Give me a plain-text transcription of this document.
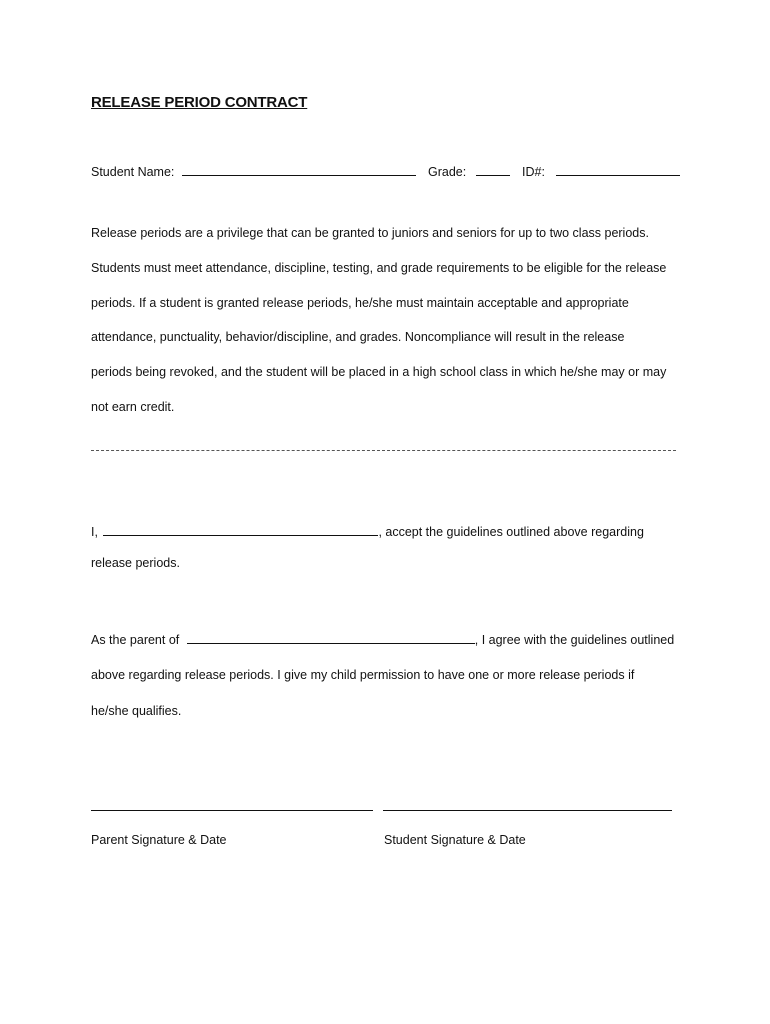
RELEASE PERIOD CONTRACT
Student Name:	Grade:	ID#:
Release periods are a privilege that can be granted to juniors and seniors for up to two class periods.
Students must meet attendance, discipline, testing, and grade requirements to be eligible for the release
periods. If a student is granted release periods, he/she must maintain acceptable and appropriate
attendance, punctuality, behavior/discipline, and grades. Noncompliance will result in the release
periods being revoked, and the student will be placed in a high school class in which he/she may or may
not earn credit.
I,	, accept the guidelines outlined above regarding
release periods.
As the parent of	, I agree with the guidelines outlined
above regarding release periods. I give my child permission to have one or more release periods if
he/she qualifies.
Parent Signature & Date	Student Signature & Date
